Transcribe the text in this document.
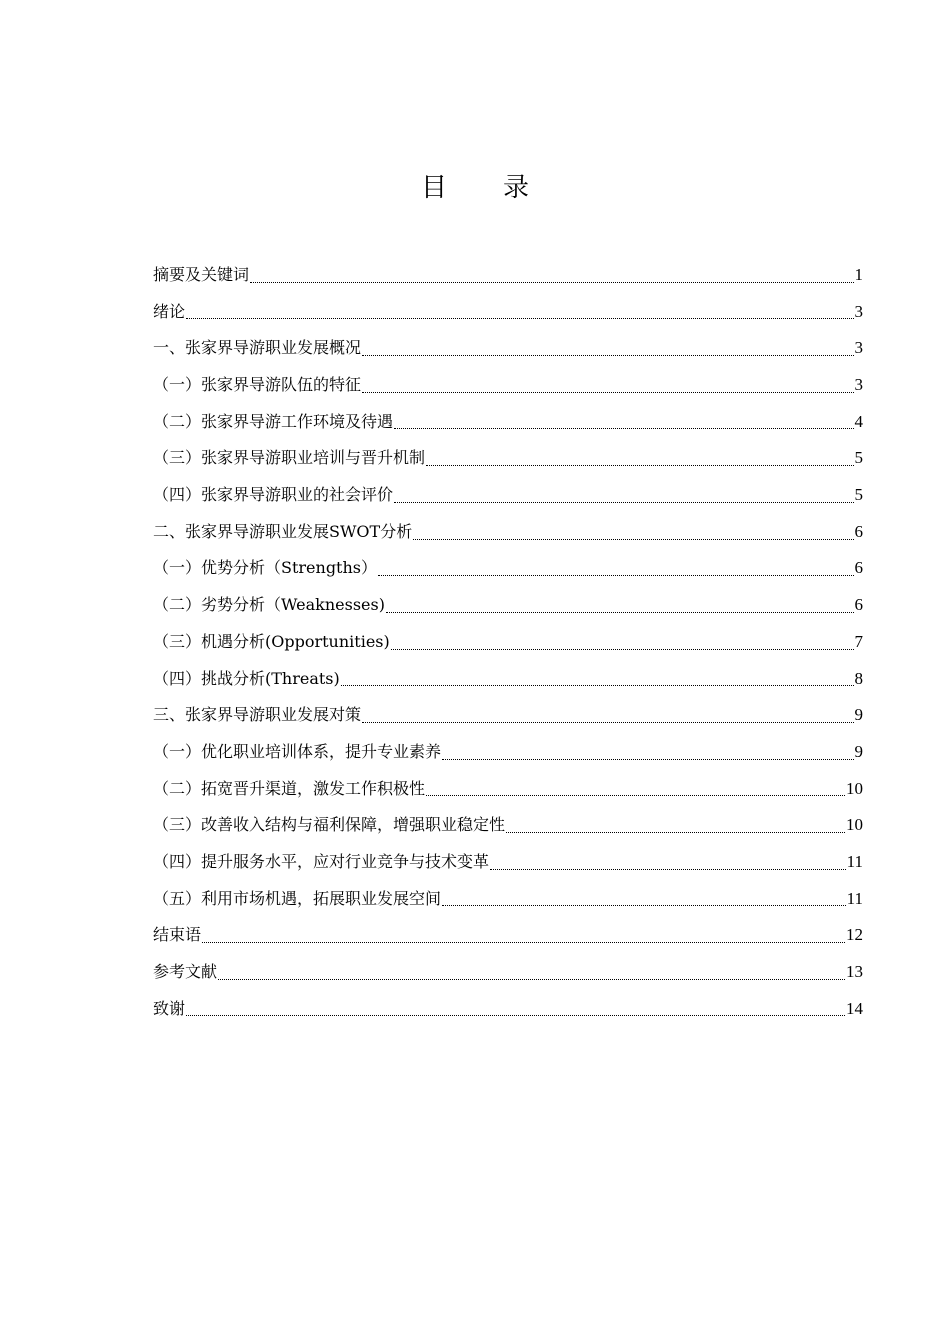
目录
摘要及关键词	1
绪论	3
一、张家界导游职业发展概况	3
（一）张家界导游队伍的特征	3
（二）张家界导游工作环境及待遇	4
（三）张家界导游职业培训与晋升机制	5
（四）张家界导游职业的社会评价	5
二、张家界导游职业发展SWOT分析	6
（一）优势分析（Strengths）	6
（二）劣势分析（Weaknesses)	6
（三）机遇分析(Opportunities)	7
（四）挑战分析(Threats)	8
三、张家界导游职业发展对策	9
（一）优化职业培训体系，提升专业素养	9
（二）拓宽晋升渠道，激发工作积极性	10
（三）改善收入结构与福利保障，增强职业稳定性	10
（四）提升服务水平，应对行业竞争与技术变革	11
（五）利用市场机遇，拓展职业发展空间	11
结束语	12
参考文献	13
致谢	14
